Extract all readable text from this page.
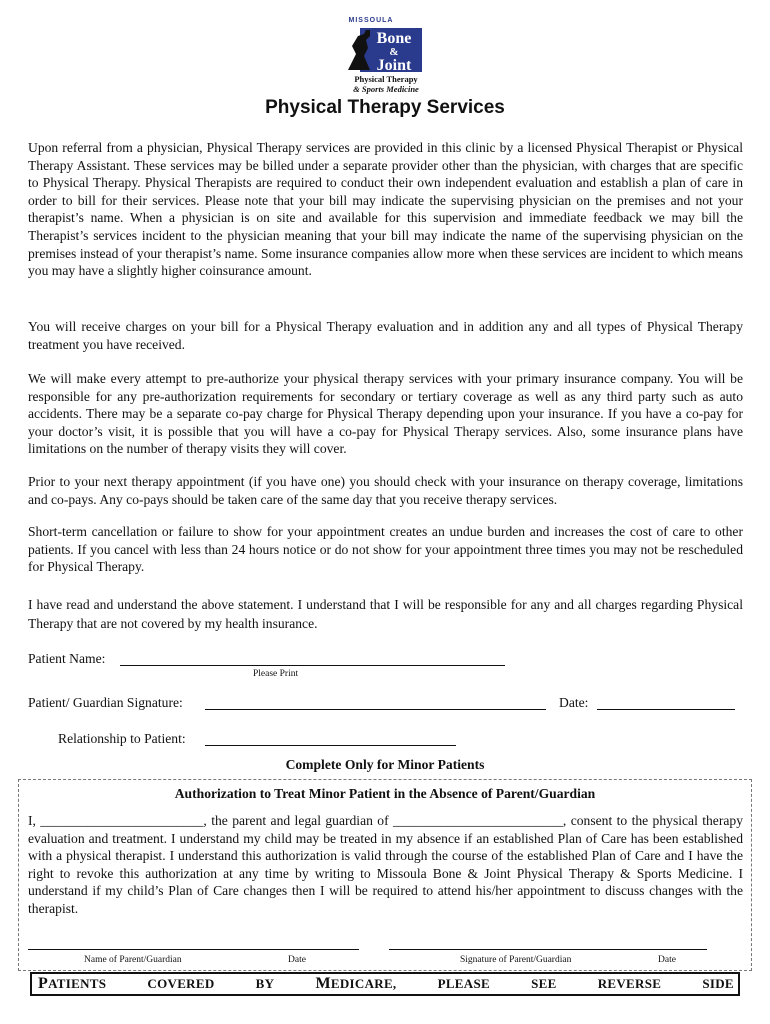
MISSOULA
Bone
&
Joint
Physical Therapy
& Sports Medicine
Physical Therapy Services

Upon referral from a physician, Physical Therapy services are provided in this clinic by a licensed Physical Therapist or Physical Therapy Assistant. These services may be billed under a separate provider other than the physician, with charges that are specific to Physical Therapy. Physical Therapists are required to conduct their own independent evaluation and establish a plan of care in order to bill for their services. Please note that your bill may indicate the supervising physician on the premises and not your therapist’s name. When a physician is on site and available for this supervision and immediate feedback we may bill the Therapist’s services incident to the physician meaning that your bill may indicate the name of the supervising physician on the premises instead of your therapist’s name. Some insurance companies allow more when these services are incident to which means you may have a slightly higher coinsurance amount.

You will receive charges on your bill for a Physical Therapy evaluation and in addition any and all types of Physical Therapy treatment you have received.

We will make every attempt to pre-authorize your physical therapy services with your primary insurance company. You will be responsible for any pre-authorization requirements for secondary or tertiary coverage as well as any third party such as auto accidents. There may be a separate co-pay charge for Physical Therapy depending upon your insurance. If you have a co-pay for your doctor’s visit, it is possible that you will have a co-pay for Physical Therapy services. Also, some insurance plans have limitations on the number of therapy visits they will cover.

Prior to your next therapy appointment (if you have one) you should check with your insurance on therapy coverage, limitations and co-pays. Any co-pays should be taken care of the same day that you receive therapy services.

Short-term cancellation or failure to show for your appointment creates an undue burden and increases the cost of care to other patients. If you cancel with less than 24 hours notice or do not show for your appointment three times you may not be rescheduled for Physical Therapy.

I have read and understand the above statement. I understand that I will be responsible for any and all charges regarding Physical Therapy that are not covered by my health insurance.

Patient Name:
Please Print
Patient/ Guardian Signature:	Date:
Relationship to Patient:
Complete Only for Minor Patients
Authorization to Treat Minor Patient in the Absence of Parent/Guardian

I, ________________________, the parent and legal guardian of _________________________, consent to the physical therapy evaluation and treatment. I understand my child may be treated in my absence if an established Plan of Care has been established with a physical therapist. I understand this authorization is valid through the course of the established Plan of Care and I have the right to revoke this authorization at any time by writing to Missoula Bone & Joint Physical Therapy & Sports Medicine. I understand if my child’s Plan of Care changes then I will be required to attend his/her appointment to discuss changes with the therapist.

Name of Parent/Guardian	Date	Signature of Parent/Guardian	Date
PATIENTS	COVERED	BY	MEDICARE,	PLEASE	SEE	REVERSE	SIDE
